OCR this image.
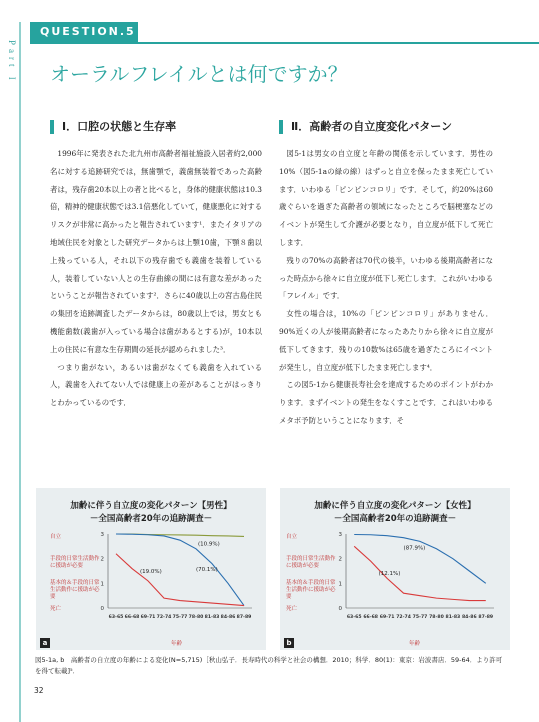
Part I
QUESTION.5
オーラルフレイルとは何ですか？
Ⅰ．口腔の状態と生存率

1996年に発表された北九州市高齢者福祉施設入居者約2,000名に対する追跡研究では，無歯顎で，義歯無装着であった高齢者は，残存歯20本以上の者と比べると，身体的健康状態は10.3倍，精神的健康状態では3.1倍悪化していて，健康悪化に対するリスクが非常に高かったと報告されています¹．またイタリアの地域住民を対象とした研究データからは上顎10歯，下顎８歯以上残っている人，それ以下の残存歯でも義歯を装着している人，装着していない人との生存曲線の間には有意な差があったということが報告されています²．さらに40歳以上の宮古島住民の集団を追跡調査したデータからは，80歳以上では，男女とも機能歯数(義歯が入っている場合は歯があるとする)が，10本以上の住民に有意な生存期間の延長が認められました³．

つまり歯がない，あるいは歯がなくても義歯を入れている人，義歯を入れてない人では健康上の差があることがはっきりとわかっているのです．

Ⅱ．高齢者の自立度変化パターン

図5-1は男女の自立度と年齢の関係を示しています．男性の10%（図5-1aの緑の線）はずっと自立を保ったまま死亡しています．いわゆる「ピンピンコロリ」です．そして，約20%は60歳ぐらいを過ぎた高齢者の領域になったところで脳梗塞などのイベントが発生して介護が必要となり，自立度が低下して死亡します．

残りの70%の高齢者は70代の後半，いわゆる後期高齢者になった時点から徐々に自立度が低下し死亡します．これがいわゆる「フレイル」です．

女性の場合は，10%の「ピンピンコロリ」がありません．90%近くの人が後期高齢者になったあたりから徐々に自立度が低下してきます．残りの10数%は65歳を過ぎたころにイベントが発生し，自立度が低下したまま死亡します⁴．

この図5-1から健康長寿社会を達成するためのポイントがわかります．まずイベントの発生をなくすことです．これはいわゆるメタボ予防ということになります．そ

加齢に伴う自立度の変化パターン【男性】
－全国高齢者20年の追跡調査－
自立
手段的日常生活動作に援助が必要
基本的＆手段的日常生活動作に援助が必要
死亡	0
1
2
3
63-65 66-68 69-71 72-74 75-77 78-80 81-83 84-86 87-89
(10.9%)
(70.1%)
(19.0%)
年齢
a
加齢に伴う自立度の変化パターン【女性】
－全国高齢者20年の追跡調査－
自立
手段的日常生活動作に援助が必要
基本的＆手段的日常生活動作に援助が必要
死亡	0
1
2
3
63-65 66-68 69-71 72-74 75-77 78-80 81-83 84-86 87-89
(87.9%)
(12.1%)
年齢
b
図5-1a, b　高齢者の自立度の年齢による変化(N=5,715)［秋山弘子．長寿時代の科学と社会の構想．2010；科学．80(1)：東京：岩波書店．59-64．より許可を得て転載]⁵．
32
